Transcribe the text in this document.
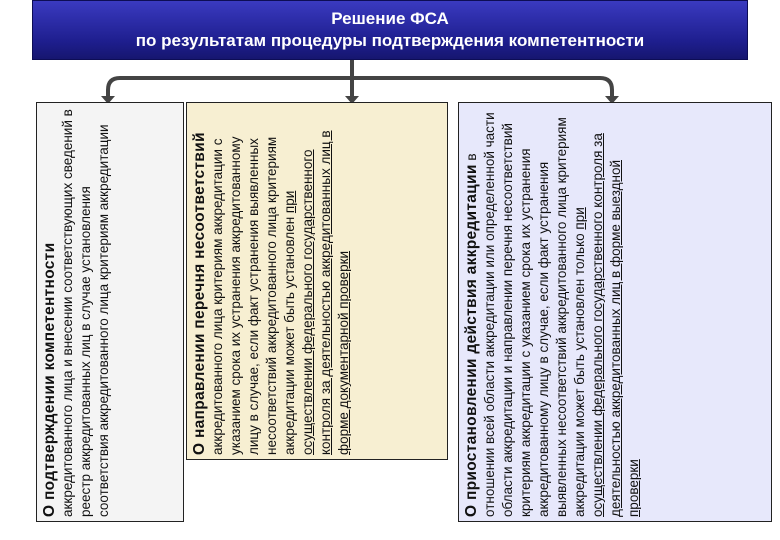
Решение ФСА
по результатам процедуры подтверждения компетентности
О подтверждении компетентности аккредитованного лица и внесении соответствующих сведений в реестр аккредитованных лиц в случае установления соответствия аккредитованного лица критериям аккредитации	О направлении перечня несоответствий аккредитованного лица критериям аккредитации с указанием срока их устранения аккредитованному лицу в случае, если факт устранения выявленных несоответствий аккредитованного лица критериям аккредитации может быть установлен при осуществлении федерального государственного контроля за деятельностью аккредитованных лиц в форме документарной проверки	О приостановлении действия аккредитации в отношении всей области аккредитации или определенной части области аккредитации и направлении перечня несоответствий критериям аккредитации с указанием срока их устранения аккредитованному лицу в случае, если факт устранения выявленных несоответствий аккредитованного лица критериям аккредитации может быть установлен только при осуществлении федерального государственного контроля за деятельностью аккредитованных лиц в форме выездной проверки
